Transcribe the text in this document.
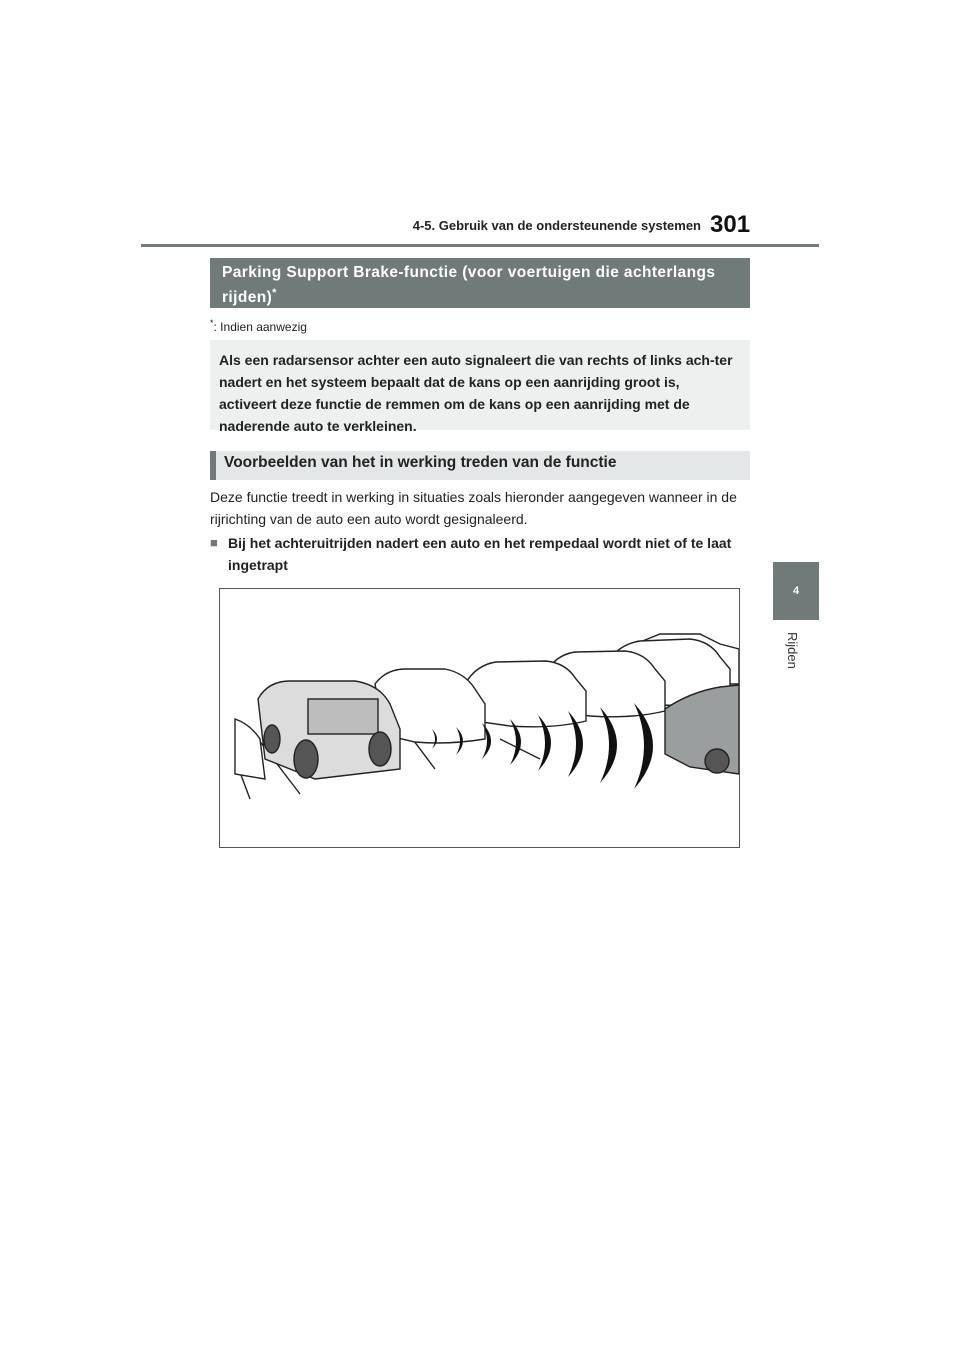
4-5. Gebruik van de ondersteunende systemen 301
4
Rijden
Parking Support Brake-functie (voor voertuigen die achterlangs rijden)*
*: Indien aanwezig
Als een radarsensor achter een auto signaleert die van rechts of links ach-ter nadert en het systeem bepaalt dat de kans op een aanrijding groot is, activeert deze functie de remmen om de kans op een aanrijding met de naderende auto te verkleinen.
Voorbeelden van het in werking treden van de functie
Deze functie treedt in werking in situaties zoals hieronder aangegeven wanneer in de rijrichting van de auto een auto wordt gesignaleerd.
■ Bij het achteruitrijden nadert een auto en het rempedaal wordt niet of te laat ingetrapt
